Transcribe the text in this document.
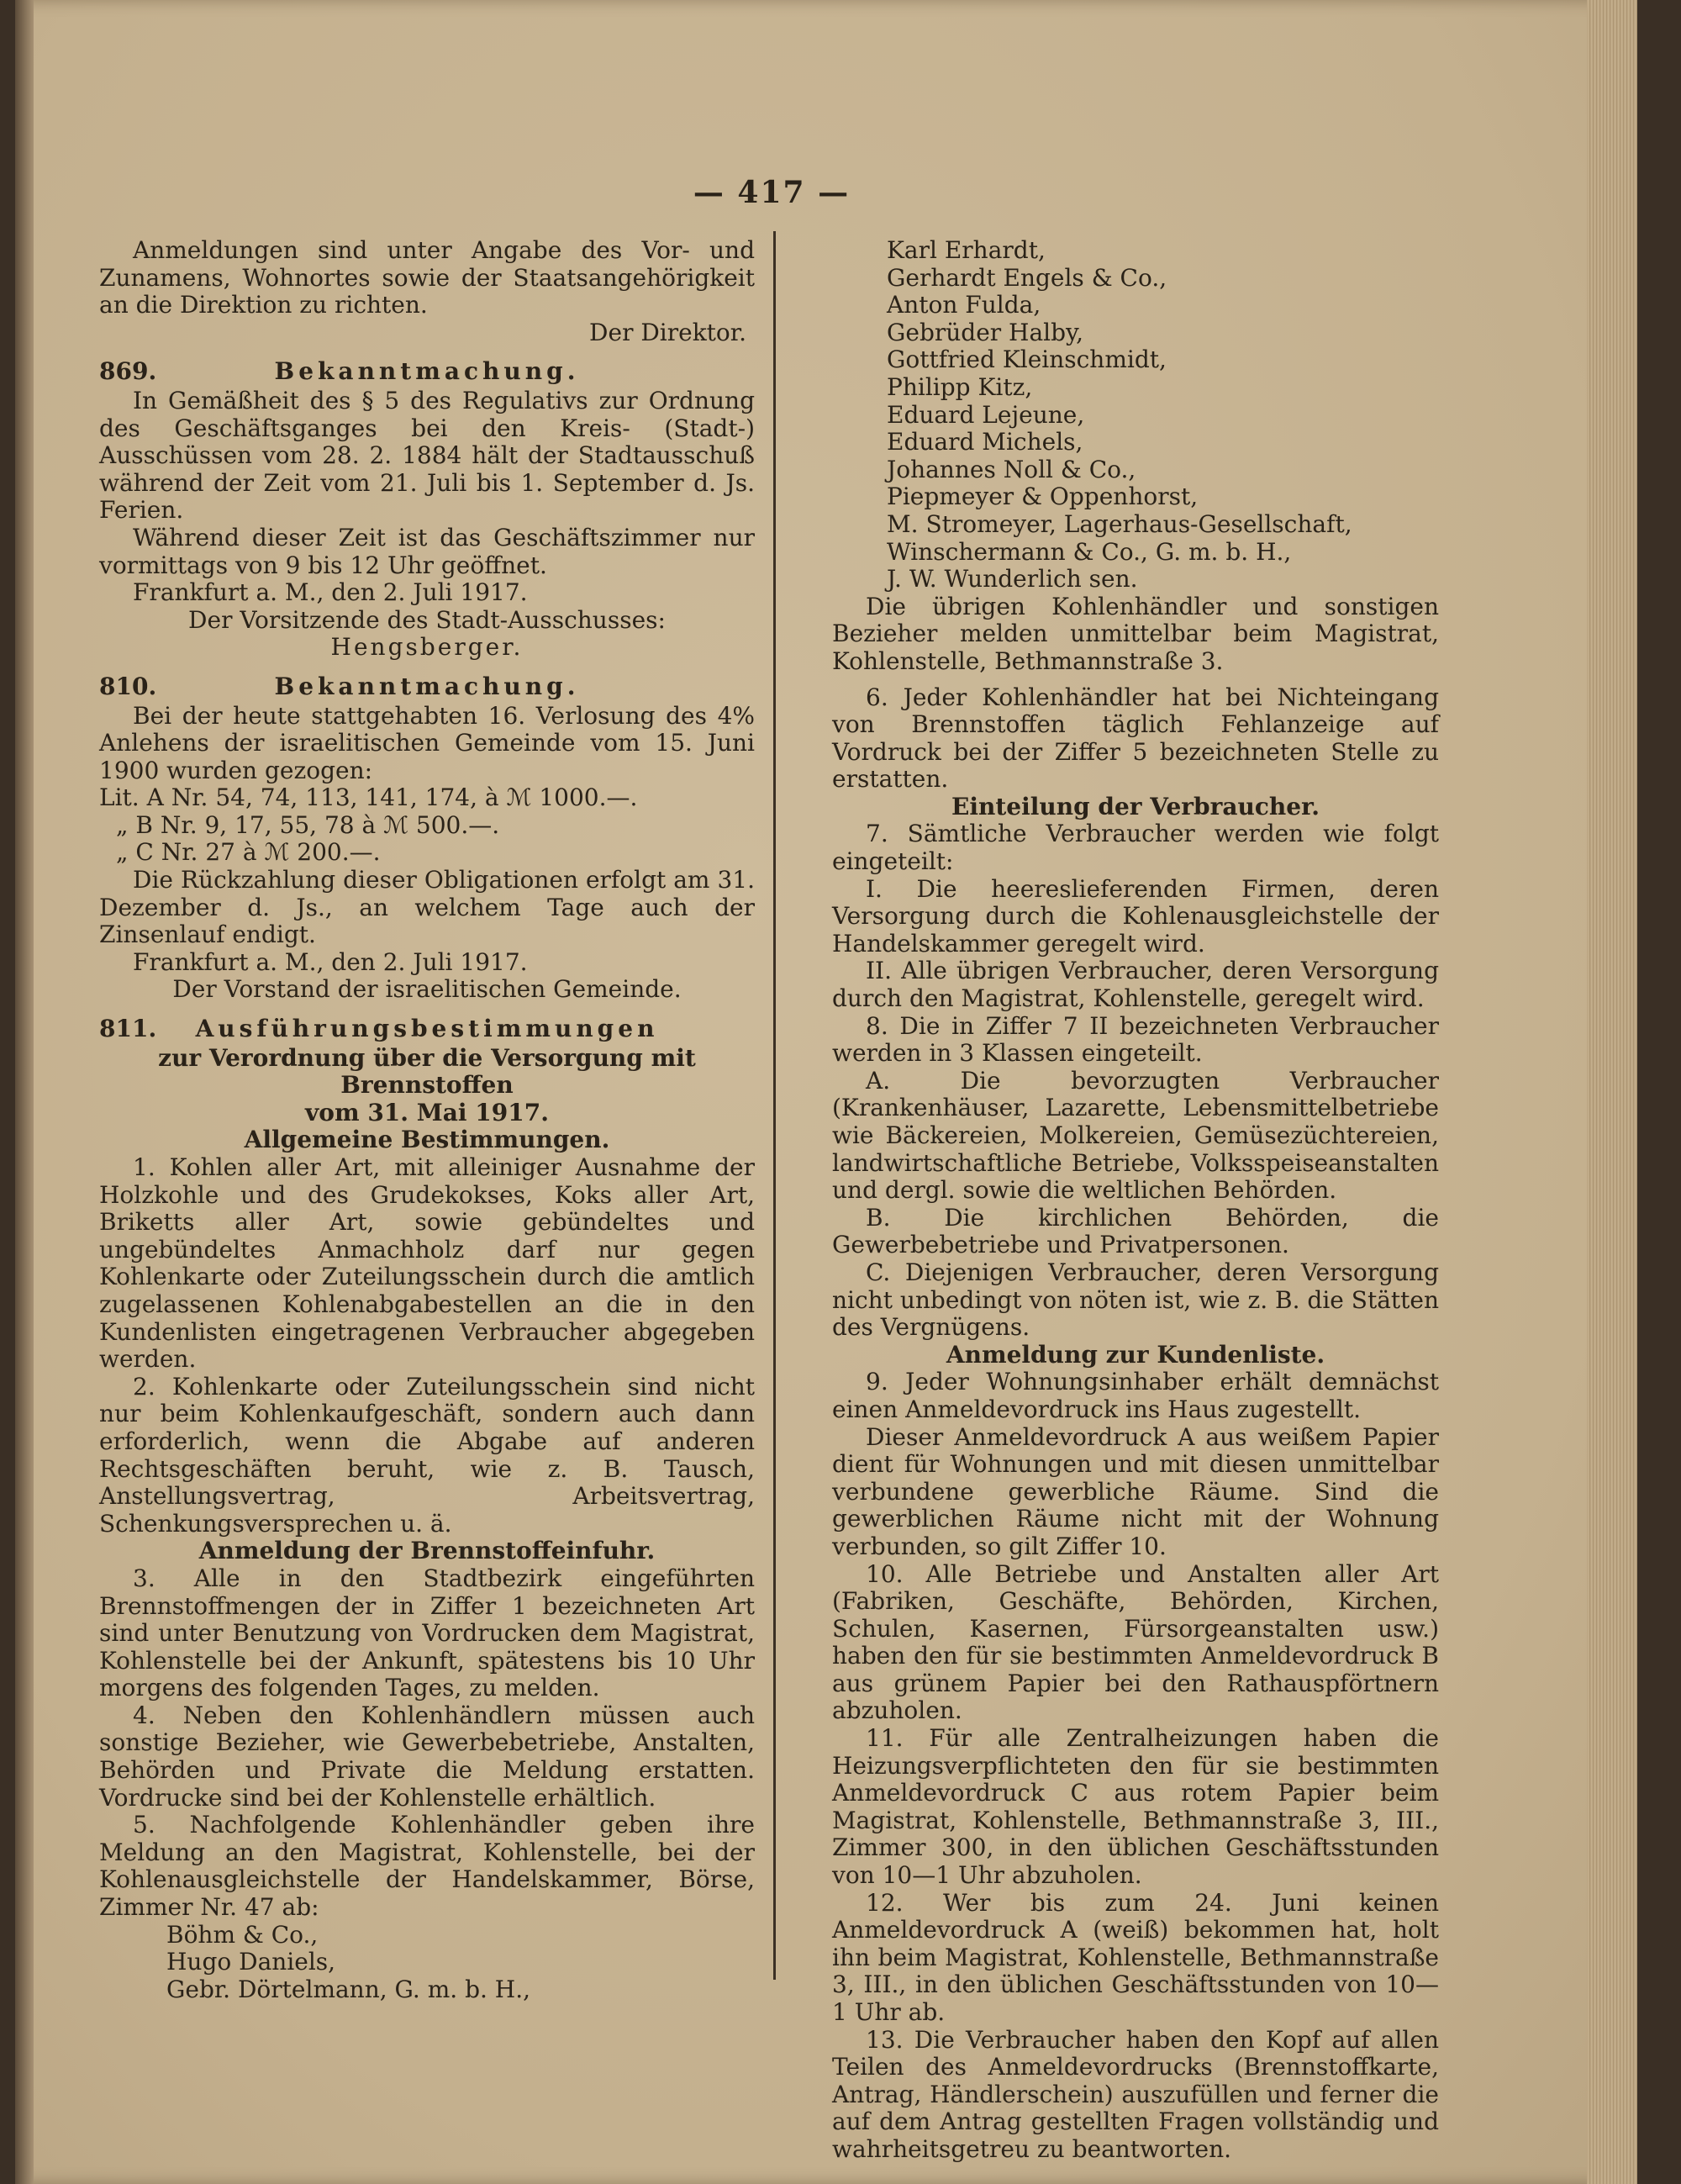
— 417 —

Anmeldungen sind unter Angabe des Vor- und Zunamens, Wohnortes sowie der Staatsangehörigkeit an die Direktion zu richten.

Der Direktor.

869.	Bekanntmachung.

In Gemäßheit des § 5 des Regulativs zur Ordnung des Geschäftsganges bei den Kreis- (Stadt-) Ausschüssen vom 28. 2. 1884 hält der Stadtausschuß während der Zeit vom 21. Juli bis 1. September d. Js. Ferien.

Während dieser Zeit ist das Geschäftszimmer nur vormittags von 9 bis 12 Uhr geöffnet.

Frankfurt a. M., den 2. Juli 1917.

Der Vorsitzende des Stadt-Ausschusses:

Hengsberger.

810.	Bekanntmachung.

Bei der heute stattgehabten 16. Verlosung des 4% Anlehens der israelitischen Gemeinde vom 15. Juni 1900 wurden gezogen:

Lit. A Nr. 54, 74, 113, 141, 174, à ℳ 1000.—.

„ B Nr. 9, 17, 55, 78 à ℳ 500.—.

„ C Nr. 27 à ℳ 200.—.

Die Rückzahlung dieser Obligationen erfolgt am 31. Dezember d. Js., an welchem Tage auch der Zinsenlauf endigt.

Frankfurt a. M., den 2. Juli 1917.

Der Vorstand der israelitischen Gemeinde.

811.	Ausführungsbestimmungen

zur Verordnung über die Versorgung mit Brennstoffen

vom 31. Mai 1917.

Allgemeine Bestimmungen.

1. Kohlen aller Art, mit alleiniger Ausnahme der Holzkohle und des Grudekokses, Koks aller Art, Briketts aller Art, sowie gebündeltes und ungebündeltes Anmachholz darf nur gegen Kohlenkarte oder Zuteilungsschein durch die amtlich zugelassenen Kohlenabgabestellen an die in den Kundenlisten eingetragenen Verbraucher abgegeben werden.

2. Kohlenkarte oder Zuteilungsschein sind nicht nur beim Kohlenkaufgeschäft, sondern auch dann erforderlich, wenn die Abgabe auf anderen Rechtsgeschäften beruht, wie z. B. Tausch, Anstellungsvertrag, Arbeitsvertrag, Schenkungsversprechen u. ä.

Anmeldung der Brennstoffeinfuhr.

3. Alle in den Stadtbezirk eingeführten Brennstoffmengen der in Ziffer 1 bezeichneten Art sind unter Benutzung von Vordrucken dem Magistrat, Kohlenstelle bei der Ankunft, spätestens bis 10 Uhr morgens des folgenden Tages, zu melden.

4. Neben den Kohlenhändlern müssen auch sonstige Bezieher, wie Gewerbebetriebe, Anstalten, Behörden und Private die Meldung erstatten. Vordrucke sind bei der Kohlenstelle erhältlich.

5. Nachfolgende Kohlenhändler geben ihre Meldung an den Magistrat, Kohlenstelle, bei der Kohlenausgleichstelle der Handelskammer, Börse, Zimmer Nr. 47 ab:

Böhm & Co.,

Hugo Daniels,

Gebr. Dörtelmann, G. m. b. H.,

Karl Erhardt,

Gerhardt Engels & Co.,

Anton Fulda,

Gebrüder Halby,

Gottfried Kleinschmidt,

Philipp Kitz,

Eduard Lejeune,

Eduard Michels,

Johannes Noll & Co.,

Piepmeyer & Oppenhorst,

M. Stromeyer, Lagerhaus-Gesellschaft,

Winschermann & Co., G. m. b. H.,

J. W. Wunderlich sen.

Die übrigen Kohlenhändler und sonstigen Bezieher melden unmittelbar beim Magistrat, Kohlenstelle, Bethmannstraße 3.

6. Jeder Kohlenhändler hat bei Nichteingang von Brennstoffen täglich Fehlanzeige auf Vordruck bei der Ziffer 5 bezeichneten Stelle zu erstatten.

Einteilung der Verbraucher.

7. Sämtliche Verbraucher werden wie folgt eingeteilt:

I. Die heereslieferenden Firmen, deren Versorgung durch die Kohlenausgleichstelle der Handelskammer geregelt wird.

II. Alle übrigen Verbraucher, deren Versorgung durch den Magistrat, Kohlenstelle, geregelt wird.

8. Die in Ziffer 7 II bezeichneten Verbraucher werden in 3 Klassen eingeteilt.

A. Die bevorzugten Verbraucher (Krankenhäuser, Lazarette, Lebensmittelbetriebe wie Bäckereien, Molkereien, Gemüsezüchtereien, landwirtschaftliche Betriebe, Volksspeiseanstalten und dergl. sowie die weltlichen Behörden.

B. Die kirchlichen Behörden, die Gewerbebetriebe und Privatpersonen.

C. Diejenigen Verbraucher, deren Versorgung nicht unbedingt von nöten ist, wie z. B. die Stätten des Vergnügens.

Anmeldung zur Kundenliste.

9. Jeder Wohnungsinhaber erhält demnächst einen Anmeldevordruck ins Haus zugestellt.

Dieser Anmeldevordruck A aus weißem Papier dient für Wohnungen und mit diesen unmittelbar verbundene gewerbliche Räume. Sind die gewerblichen Räume nicht mit der Wohnung verbunden, so gilt Ziffer 10.

10. Alle Betriebe und Anstalten aller Art (Fabriken, Geschäfte, Behörden, Kirchen, Schulen, Kasernen, Fürsorgeanstalten usw.) haben den für sie bestimmten Anmeldevordruck B aus grünem Papier bei den Rathauspförtnern abzuholen.

11. Für alle Zentralheizungen haben die Heizungsverpflichteten den für sie bestimmten Anmeldevordruck C aus rotem Papier beim Magistrat, Kohlenstelle, Bethmannstraße 3, III., Zimmer 300, in den üblichen Geschäftsstunden von 10—1 Uhr abzuholen.

12. Wer bis zum 24. Juni keinen Anmeldevordruck A (weiß) bekommen hat, holt ihn beim Magistrat, Kohlenstelle, Bethmannstraße 3, III., in den üblichen Geschäftsstunden von 10—1 Uhr ab.

13. Die Verbraucher haben den Kopf auf allen Teilen des Anmeldevordrucks (Brennstoffkarte, Antrag, Händlerschein) auszufüllen und ferner die auf dem Antrag gestellten Fragen vollständig und wahrheitsgetreu zu beantworten.
